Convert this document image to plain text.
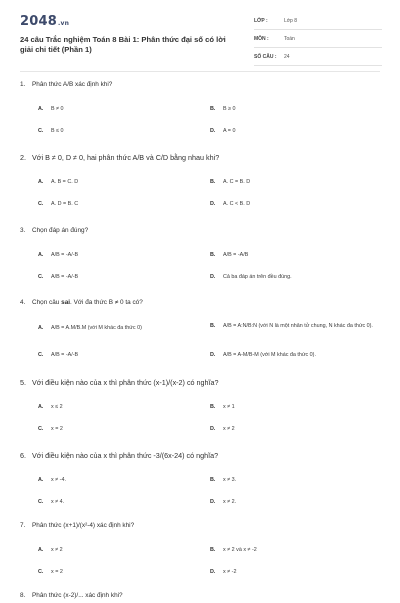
2048.vn
24 câu Trắc nghiệm Toán 8 Bài 1: Phân thức đại số có lời giải chi tiết (Phần 1)
LỚP :	Lớp 8
MÔN :	Toán
SỐ CÂU : 24
1. Phân thức A/B xác định khi?
A. B ≠ 0	B. B ≥ 0
C. B ≤ 0	D. A = 0
2. Với B ≠ 0, D ≠ 0, hai phân thức A/B và C/D bằng nhau khi?
A. A. B = C. D	B. A. C = B. D
C. A. D = B. C	D. A. C < B. D
3. Chọn đáp án đúng?
A. A/B = -A/-B	B. A/B = -A/B
C. A/B = -A/-B	D. Cả ba đáp án trên đều đúng.
4. Chọn câu sai. Với đa thức B ≠ 0 ta có?
A. A/B = A.M/B.M (với M khác đa thức 0)	B. A/B = A:N/B:N (với N là một nhân tử chung, N khác đa thức 0).
C. A/B = -A/-B	D. A/B = A-M/B-M (với M khác đa thức 0).
5. Với điều kiện nào của x thì phân thức (x-1)/(x-2) có nghĩa?
A. x ≤ 2	B. x ≠ 1
C. x = 2	D. x ≠ 2
6. Với điều kiện nào của x thì phân thức -3/(6x-24) có nghĩa?
A. x ≠ -4.	B. x ≠ 3.
C. x ≠ 4.	D. x ≠ 2.
7. Phân thức (x+1)/(x²-4) xác định khi?
A. x ≠ 2	B. x ≠ 2 và x ≠ -2
C. x = 2	D. x ≠ -2
8. Phân thức (x-2)/... xác định khi?
